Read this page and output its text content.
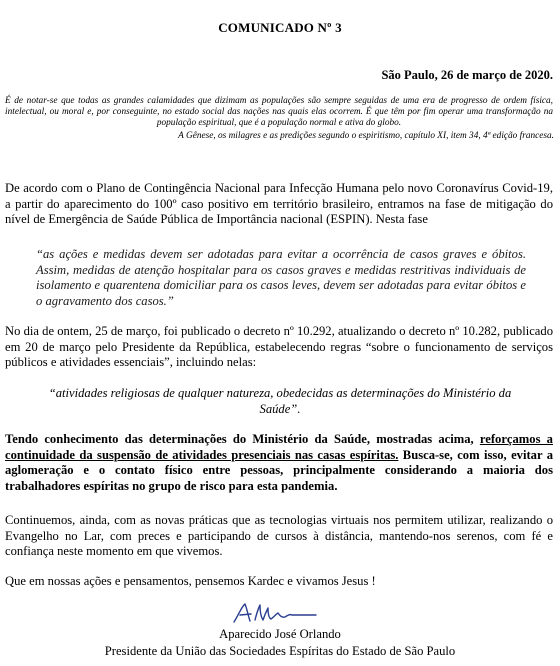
COMUNICADO Nº 3
São Paulo, 26 de março de 2020.
É de notar-se que todas as grandes calamidades que dizimam as populações são sempre seguidas de uma era de progresso de ordem física, intelectual, ou moral e, por conseguinte, no estado social das nações nas quais elas ocorrem. É que têm por fim operar uma transformação na população espiritual, que é a população normal e ativa do globo.
A Gênese, os milagres e as predições segundo o espiritismo, capítulo XI, item 34, 4ª edição francesa.
De acordo com o Plano de Contingência Nacional para Infecção Humana pelo novo Coronavírus Covid-19, a partir do aparecimento do 100º caso positivo em território brasileiro, entramos na fase de mitigação do nível de Emergência de Saúde Pública de Importância nacional (ESPIN). Nesta fase
“as ações e medidas devem ser adotadas para evitar a ocorrência de casos graves e óbitos. Assim, medidas de atenção hospitalar para os casos graves e medidas restritivas individuais de isolamento e quarentena domiciliar para os casos leves, devem ser adotadas para evitar óbitos e o agravamento dos casos.”
No dia de ontem, 25 de março, foi publicado o decreto nº 10.292, atualizando o decreto nº 10.282, publicado em 20 de março pelo Presidente da República, estabelecendo regras “sobre o funcionamento de serviços públicos e atividades essenciais”, incluindo nelas:
“atividades religiosas de qualquer natureza, obedecidas as determinações do Ministério da Saúde”.
Tendo conhecimento das determinações do Ministério da Saúde, mostradas acima, reforçamos a continuidade da suspensão de atividades presenciais nas casas espíritas. Busca-se, com isso, evitar a aglomeração e o contato físico entre pessoas, principalmente considerando a maioria dos trabalhadores espíritas no grupo de risco para esta pandemia.
Continuemos, ainda, com as novas práticas que as tecnologias virtuais nos permitem utilizar, realizando o Evangelho no Lar, com preces e participando de cursos à distância, mantendo-nos serenos, com fé e confiança neste momento em que vivemos.
Que em nossas ações e pensamentos, pensemos Kardec e vivamos Jesus !
Aparecido José Orlando
Presidente da União das Sociedades Espíritas do Estado de São Paulo
